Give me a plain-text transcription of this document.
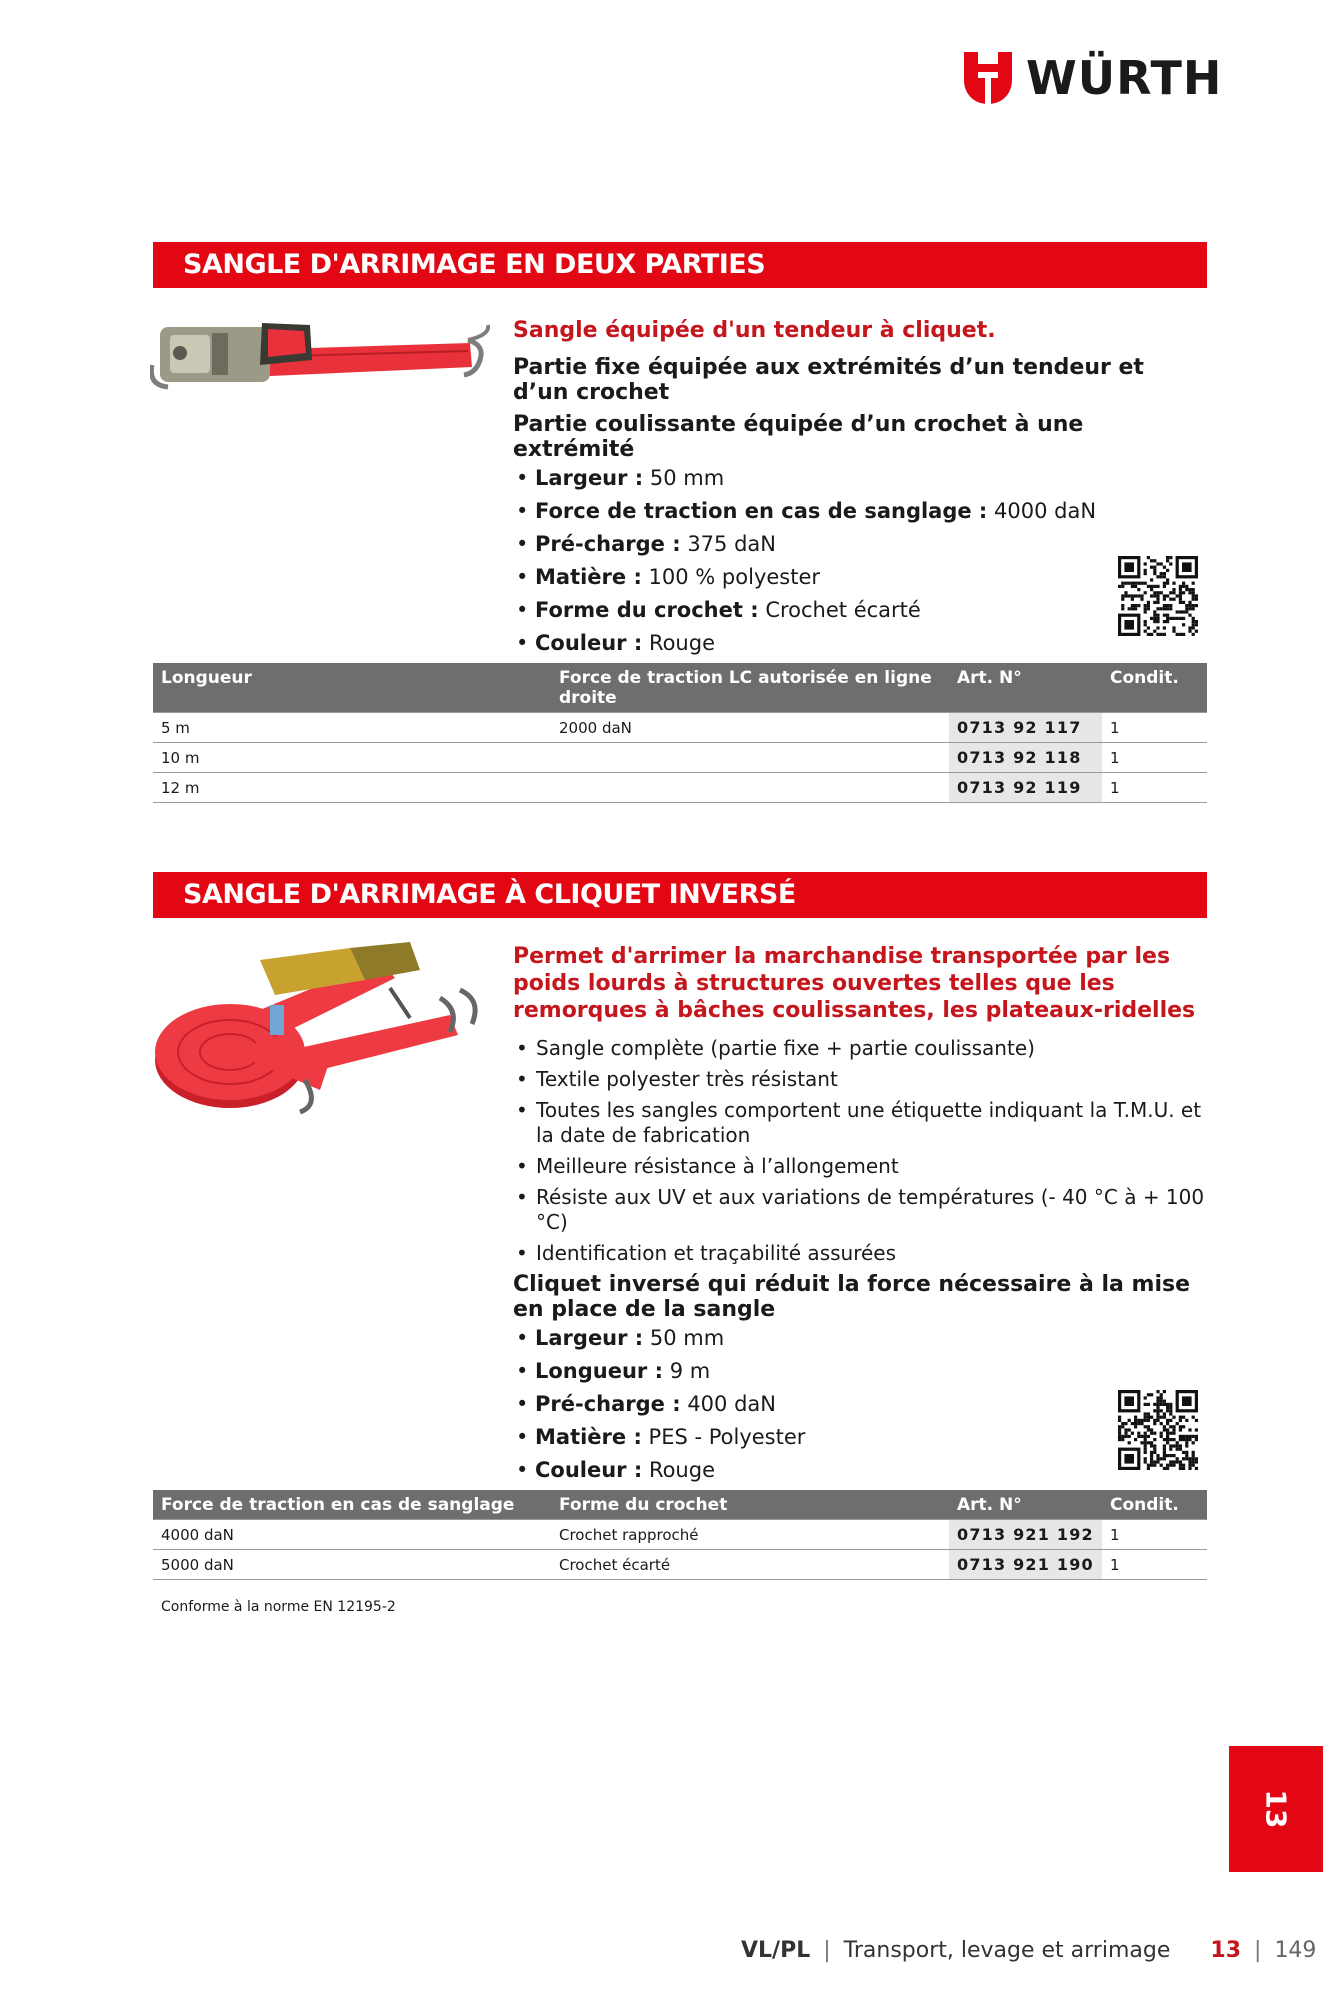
WÜRTH
SANGLE D'ARRIMAGE EN DEUX PARTIES

Sangle équipée d'un tendeur à cliquet.

Partie fixe équipée aux extrémités d’un tendeur et d’un crochet

Partie coulissante équipée d’un crochet à une extrémité

• Largeur : 50 mm
• Force de traction en cas de sanglage : 4000 daN
• Pré-charge : 375 daN
• Matière : 100 % polyester
• Forme du crochet : Crochet écarté
• Couleur : Rouge
Longueur	Force de traction LC autorisée en ligne droite	Art. N°	Condit.
5 m	2000 daN	0713 92 117	1
10 m		0713 92 118	1
12 m		0713 92 119	1
SANGLE D'ARRIMAGE À CLIQUET INVERSÉ

Permet d'arrimer la marchandise transportée par les poids lourds à structures ouvertes telles que les remorques à bâches coulissantes, les plateaux-ridelles

• Sangle complète (partie fixe + partie coulissante)
• Textile polyester très résistant
• Toutes les sangles comportent une étiquette indiquant la T.M.U. et la date de fabrication
• Meilleure résistance à l’allongement
• Résiste aux UV et aux variations de températures (- 40 °C à + 100 °C)
• Identification et traçabilité assurées

Cliquet inversé qui réduit la force nécessaire à la mise en place de la sangle

• Largeur : 50 mm
• Longueur : 9 m
• Pré-charge : 400 daN
• Matière : PES - Polyester
• Couleur : Rouge
Force de traction en cas de sanglage	Forme du crochet	Art. N°	Condit.
4000 daN	Crochet rapproché	0713 921 192	1
5000 daN	Crochet écarté	0713 921 190	1
Conforme à la norme EN 12195-2
13
VL/PL | Transport, levage et arrimage 13 | 149
